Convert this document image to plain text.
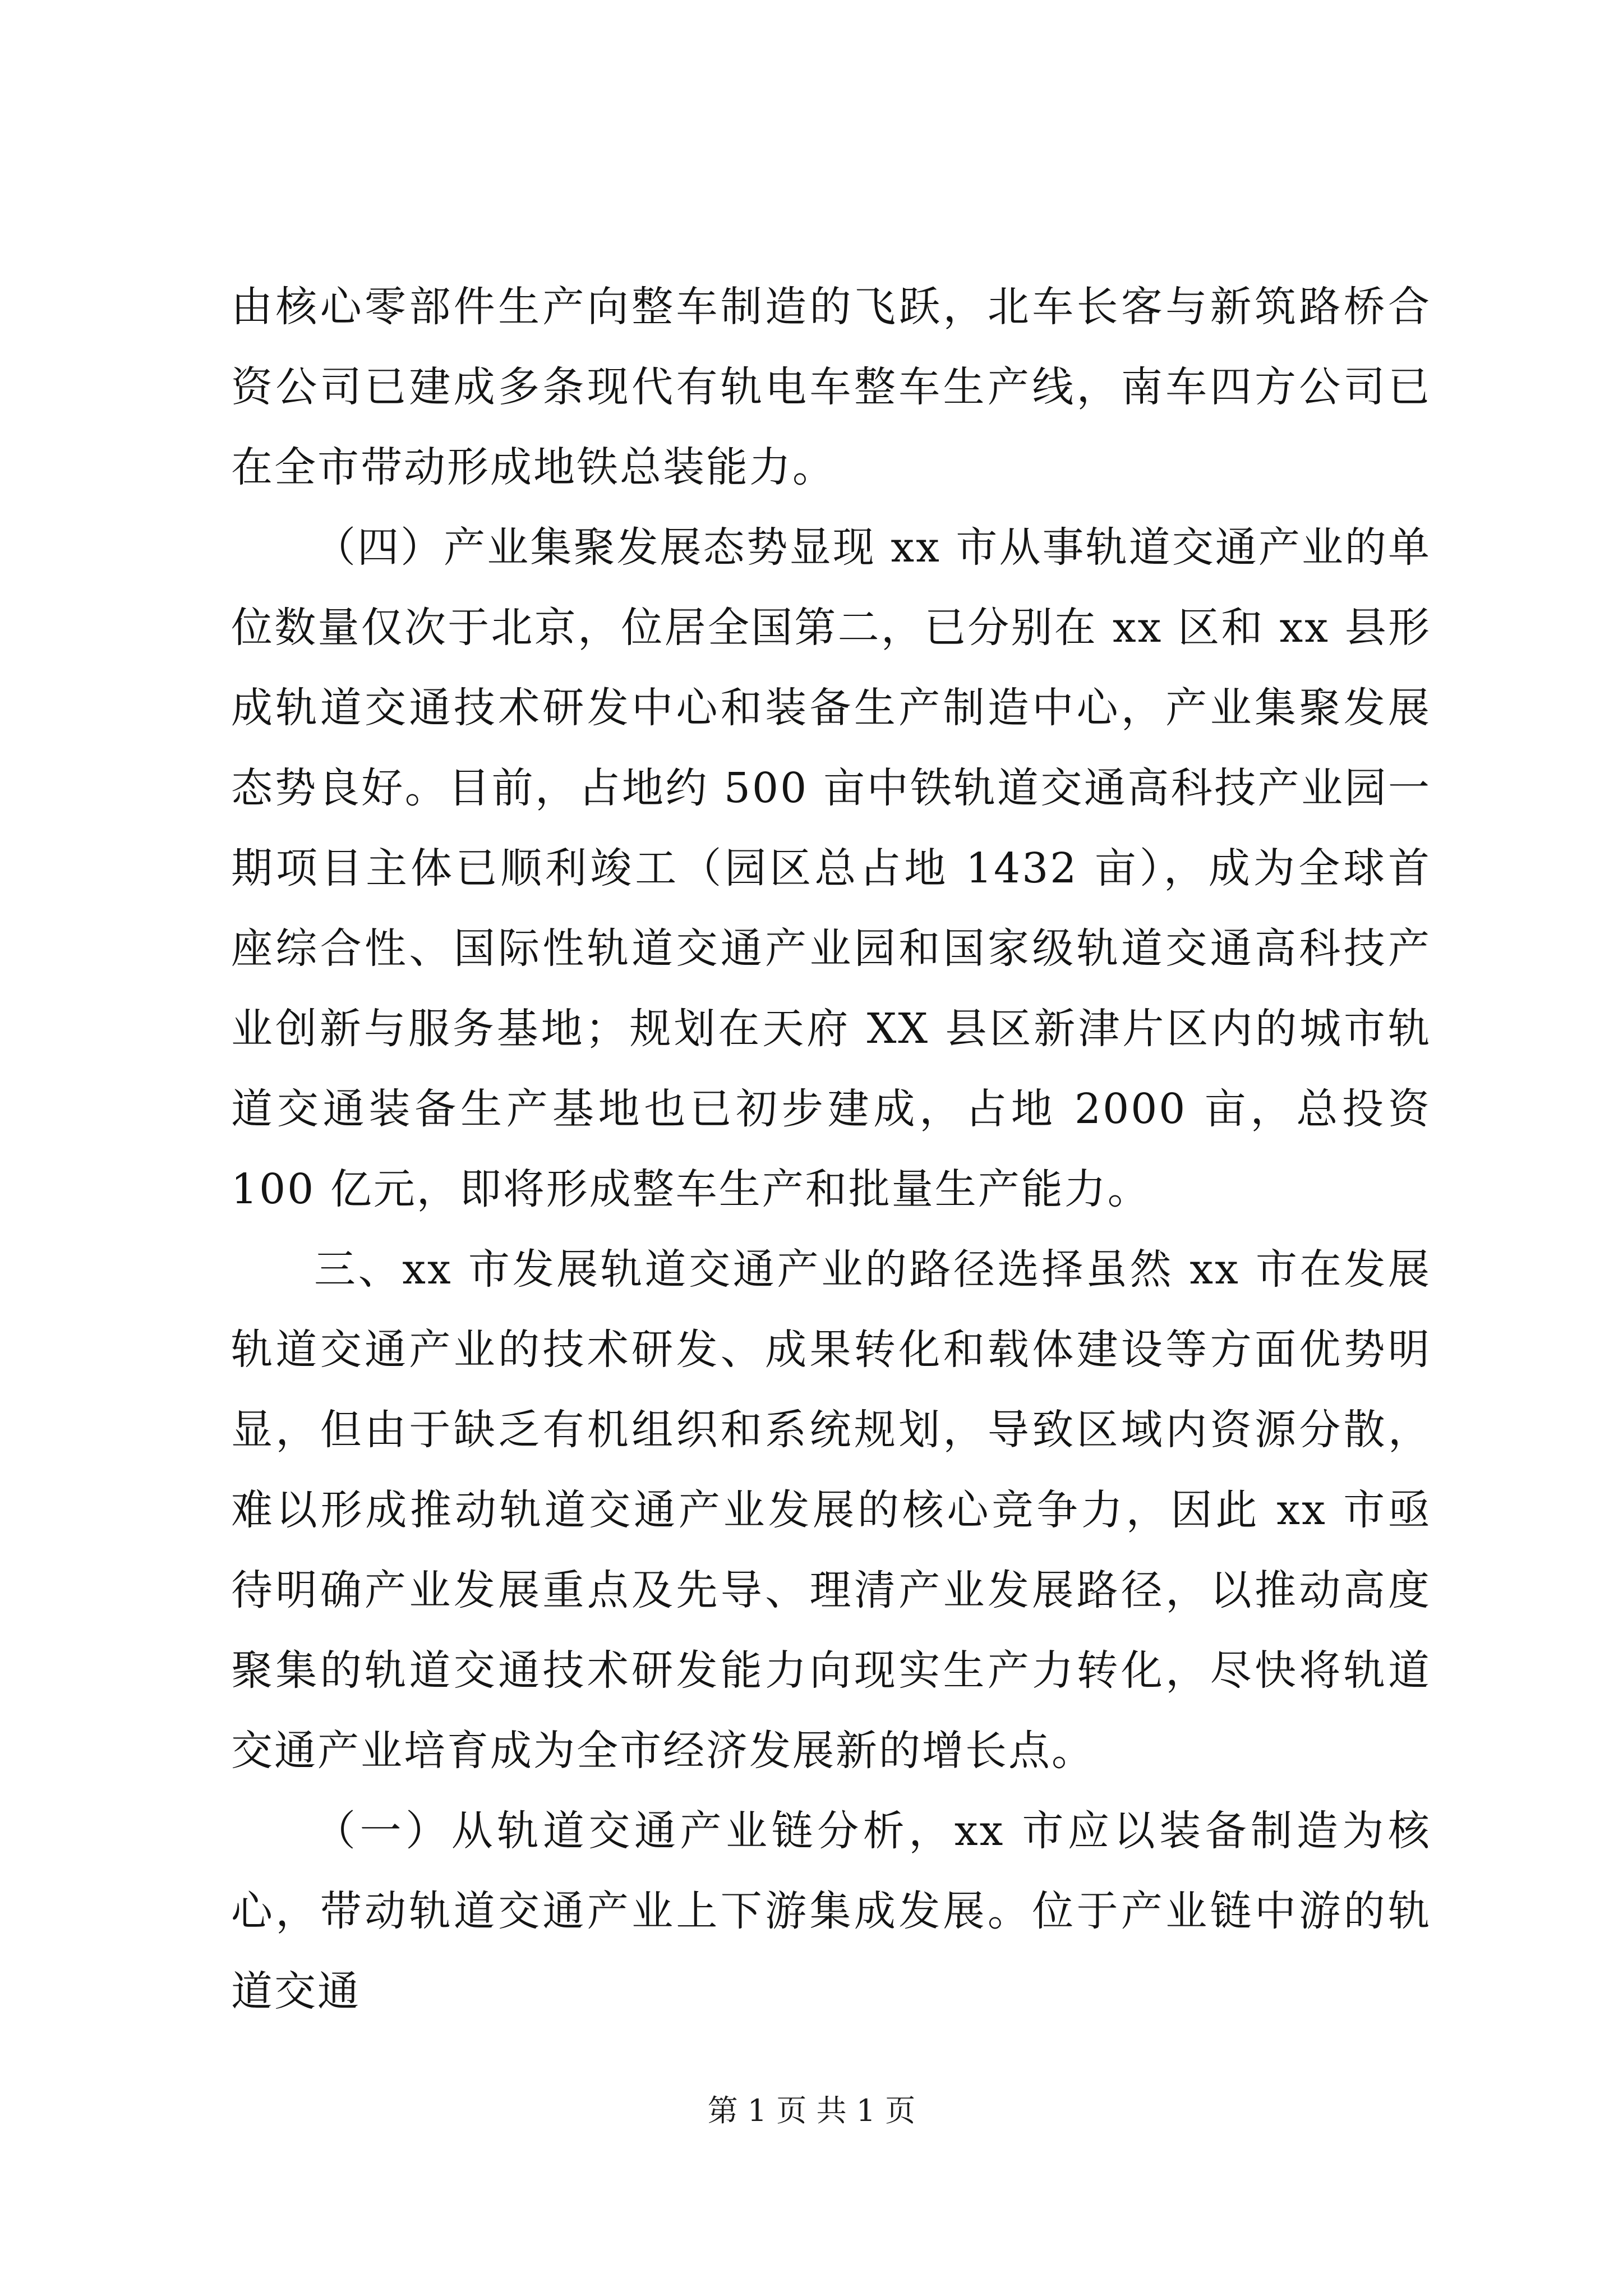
由核心零部件生产向整车制造的飞跃，北车长客与新筑路桥合资公司已建成多条现代有轨电车整车生产线，南车四方公司已在全市带动形成地铁总装能力。

（四）产业集聚发展态势显现 xx 市从事轨道交通产业的单位数量仅次于北京，位居全国第二，已分别在 xx 区和 xx 县形成轨道交通技术研发中心和装备生产制造中心，产业集聚发展态势良好。目前，占地约 500 亩中铁轨道交通高科技产业园一期项目主体已顺利竣工（园区总占地 1432 亩），成为全球首座综合性、国际性轨道交通产业园和国家级轨道交通高科技产业创新与服务基地；规划在天府 XX 县区新津片区内的城市轨道交通装备生产基地也已初步建成，占地 2000 亩，总投资 100 亿元，即将形成整车生产和批量生产能力。

三、xx 市发展轨道交通产业的路径选择虽然 xx 市在发展轨道交通产业的技术研发、成果转化和载体建设等方面优势明显，但由于缺乏有机组织和系统规划，导致区域内资源分散，难以形成推动轨道交通产业发展的核心竞争力，因此 xx 市亟待明确产业发展重点及先导、理清产业发展路径，以推动高度聚集的轨道交通技术研发能力向现实生产力转化，尽快将轨道交通产业培育成为全市经济发展新的增长点。

（一）从轨道交通产业链分析，xx 市应以装备制造为核心，带动轨道交通产业上下游集成发展。位于产业链中游的轨道交通

第 1 页 共 1 页
